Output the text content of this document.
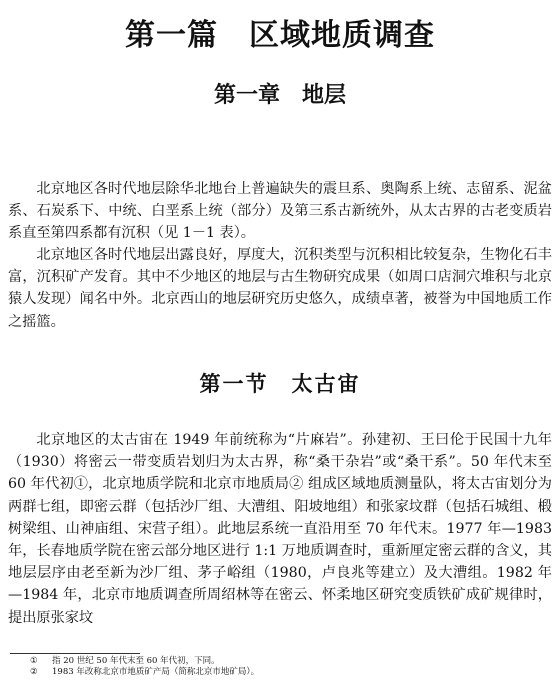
第一篇　区域地质调查
第一章　地层

北京地区各时代地层除华北地台上普遍缺失的震旦系、奥陶系上统、志留系、泥盆系、石炭系下、中统、白垩系上统（部分）及第三系古新统外，从太古界的古老变质岩系直至第四系都有沉积（见 1－1 表）。

北京地区各时代地层出露良好，厚度大，沉积类型与沉积相比较复杂，生物化石丰富，沉积矿产发育。其中不少地区的地层与古生物研究成果（如周口店洞穴堆积与北京猿人发现）闻名中外。北京西山的地层研究历史悠久，成绩卓著，被誉为中国地质工作之摇篮。

第一节　太古宙

北京地区的太古宙在 1949 年前统称为“片麻岩”。孙建初、王曰伦于民国十九年（1930）将密云一带变质岩划归为太古界，称“桑干杂岩”或“桑干系”。50 年代末至 60 年代初①，北京地质学院和北京市地质局② 组成区域地质测量队，将太古宙划分为两群七组，即密云群（包括沙厂组、大漕组、阳坡地组）和张家坟群（包括石城组、椴树梁组、山神庙组、宋营子组）。此地层系统一直沿用至 70 年代末。1977 年—1983 年，长春地质学院在密云部分地区进行 1:1 万地质调查时，重新厘定密云群的含义，其地层层序由老至新为沙厂组、茅子峪组（1980，卢良兆等建立）及大漕组。1982 年—1984 年，北京市地质调查所周绍林等在密云、怀柔地区研究变质铁矿成矿规律时，提出原张家坟

①	指 20 世纪 50 年代末至 60 年代初，下同。
②	1983 年改称北京市地质矿产局（简称北京市地矿局）。
